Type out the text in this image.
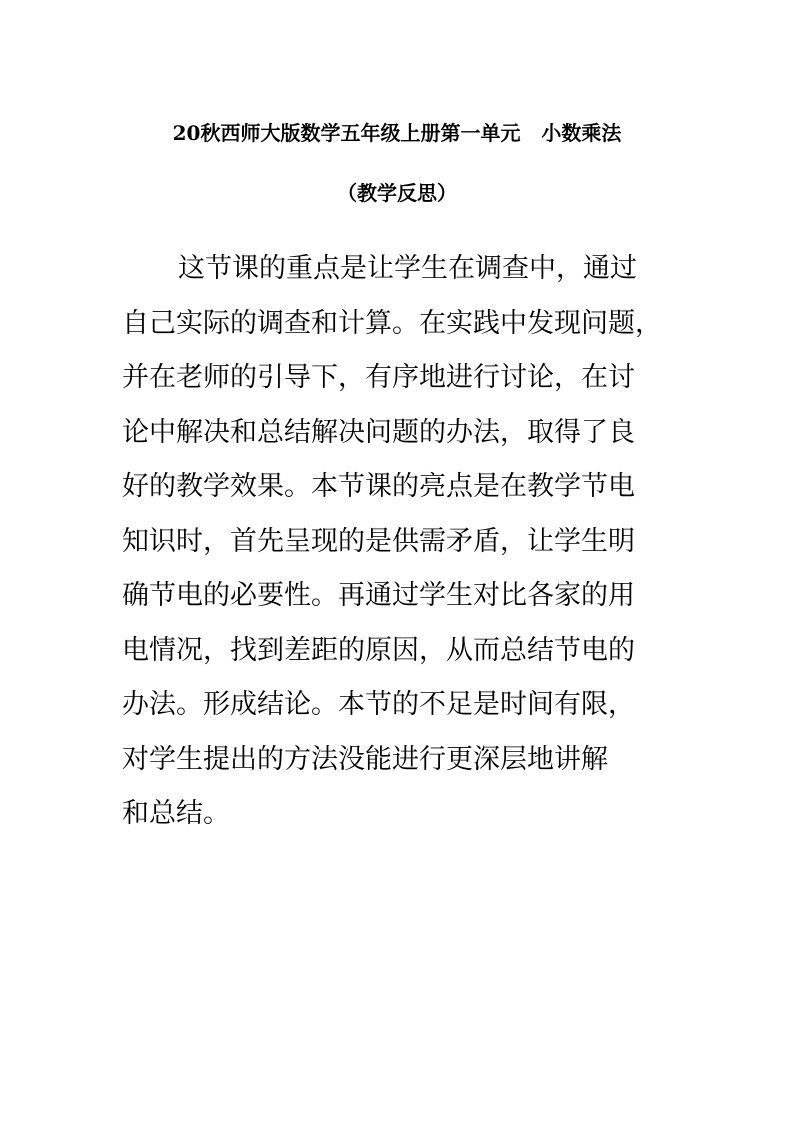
20秋西师大版数学五年级上册第一单元   小数乘法
（教学反思）
这节课的重点是让学生在调查中，通过
自己实际的调查和计算。在实践中发现问题，
并在老师的引导下，有序地进行讨论，在讨
论中解决和总结解决问题的办法，取得了良
好的教学效果。本节课的亮点是在教学节电
知识时，首先呈现的是供需矛盾，让学生明
确节电的必要性。再通过学生对比各家的用
电情况，找到差距的原因，从而总结节电的
办法。形成结论。本节的不足是时间有限，
对学生提出的方法没能进行更深层地讲解
和总结。
